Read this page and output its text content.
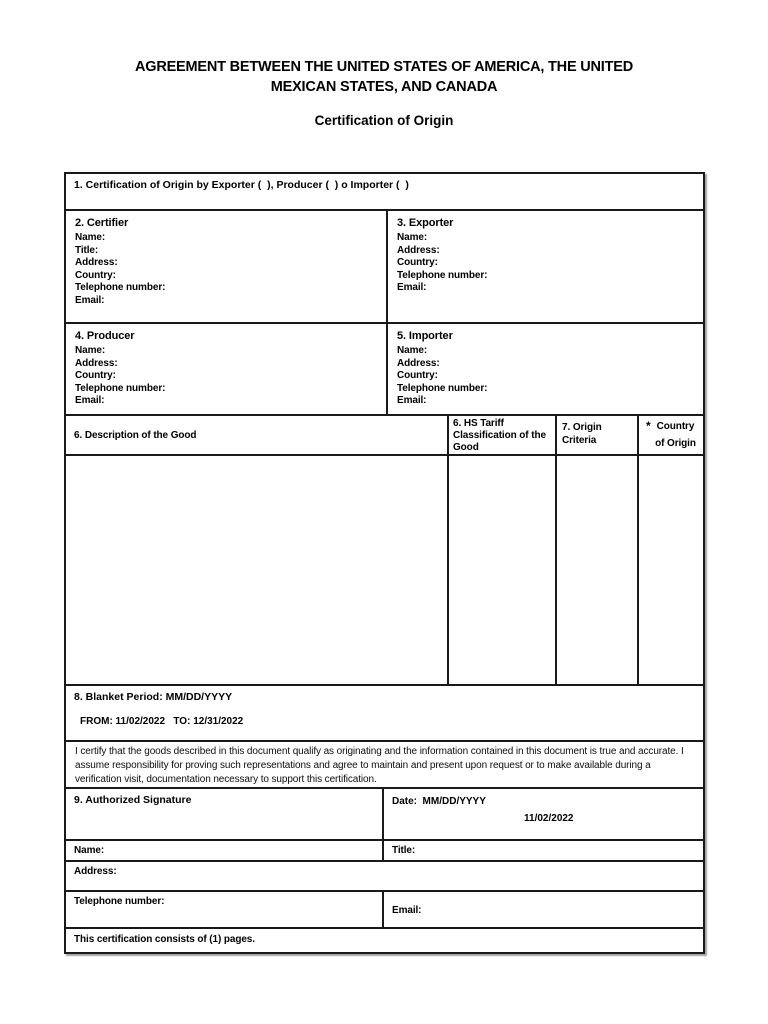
AGREEMENT BETWEEN THE UNITED STATES OF AMERICA, THE UNITED
MEXICAN STATES, AND CANADA
Certification of Origin
1. Certification of Origin by Exporter (  ), Producer (  ) o Importer (  )
2. Certifier
Name:
Title:
Address:
Country:
Telephone number:
Email:
3. Exporter
Name:
Address:
Country:
Telephone number:
Email:
4. Producer
Name:
Address:
Country:
Telephone number:
Email:
5. Importer
Name:
Address:
Country:
Telephone number:
Email:
6. Description of the Good
6. HS Tariff Classification of the Good
7. Origin Criteria
* Country of Origin
8. Blanket Period: MM/DD/YYYY
FROM: 11/02/2022   TO: 12/31/2022
I certify that the goods described in this document qualify as originating and the information contained in this document is true and accurate. I assume responsibility for proving such representations and agree to maintain and present upon request or to make available during a verification visit, documentation necessary to support this certification.
9. Authorized Signature	Date:  MM/DD/YYYY
11/02/2022
Name:	Title:
Address:
Telephone number:
Email:
This certification consists of (1) pages.
